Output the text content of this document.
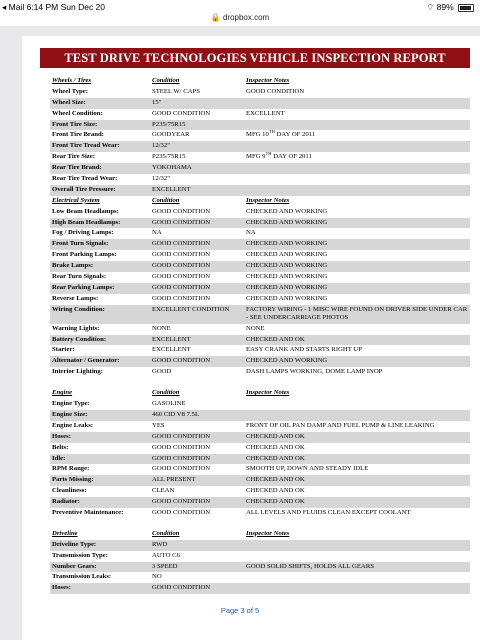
◂ Mail 6:14 PM Sun Dec 20	⌔ 89%
🔒 dropbox.com
TEST DRIVE TECHNOLOGIES VEHICLE INSPECTION REPORT
Wheels / Tires	Condition	Inspector Notes
Wheel Type:	STEEL W/ CAPS	GOOD CONDITION
Wheel Size:	15"
Wheel Condition:	GOOD CONDITION	EXCELLENT
Front Tire Size:	P235/75R15
Front Tire Brand:	GOODYEAR	MFG 10TH DAY OF 2011
Front Tire Tread Wear:	12/32"
Rear Tire Size:	P235/75R15	MFG 9TH DAY OF 2011
Rear Tire Brand:	YOKOHAMA
Rear Tire Tread Wear:	12/32"
Overall Tire Pressure:	EXCELLENT
Electrical System	Condition	Inspector Notes
Low Beam Headlamps:	GOOD CONDITION	CHECKED AND WORKING
High Beam Headlamps:	GOOD CONDITION	CHECKED AND WORKING
Fog / Driving Lamps:	NA	NA
Front Turn Signals:	GOOD CONDITION	CHECKED AND WORKING
Front Parking Lamps:	GOOD CONDITION	CHECKED AND WORKING
Brake Lamps:	GOOD CONDITION	CHECKED AND WORKING
Rear Turn Signals:	GOOD CONDITION	CHECKED AND WORKING
Rear Parking Lamps:	GOOD CONDITION	CHECKED AND WORKING
Reverse Lamps:	GOOD CONDITION	CHECKED AND WORKING
Wiring Condition:	EXCELLENT CONDITION	FACTORY WIRING - 1 MISC WIRE FOUND ON DRIVER SIDE UNDER CAR - SEE UNDERCARRIAGE PHOTOS
Warning Lights:	NONE	NONE
Battery Condition:	EXCELLENT	CHECKED AND OK
Starter:	EXCELLENT	EASY CRANK AND STARTS RIGHT UP
Alternator / Generator:	GOOD CONDITION	CHECKED AND WORKING
Interior Lighting:	GOOD	DASH LAMPS WORKING, DOME LAMP INOP
Engine	Condition	Inspector Notes
Engine Type:	GASOLINE
Engine Size:	460 CID V8 7.5L
Engine Leaks:	YES	FRONT OF OIL PAN DAMP AND FUEL PUMP & LINE LEAKING
Hoses:	GOOD CONDITION	CHECKED AND OK
Belts:	GOOD CONDITION	CHECKED AND OK
Idle:	GOOD CONDITION	CHECKED AND OK
RPM Range:	GOOD CONDITION	SMOOTH UP, DOWN AND STEADY IDLE
Parts Missing:	ALL PRESENT	CHECKED AND OK
Cleanliness:	CLEAN	CHECKED AND OK
Radiator:	GOOD CONDITION	CHECKED AND OK
Preventive Maintenance:	GOOD CONDITION	ALL LEVELS AND FLUIDS CLEAN EXCEPT COOLANT
Driveline	Condition	Inspector Notes
Driveline Type:	RWD
Transmission Type:	AUTO C6
Number Gears:	3 SPEED	GOOD SOLID SHIFTS, HOLDS ALL GEARS
Transmission Leaks:	NO
Hoses:	GOOD CONDITION
Page 3 of 5
